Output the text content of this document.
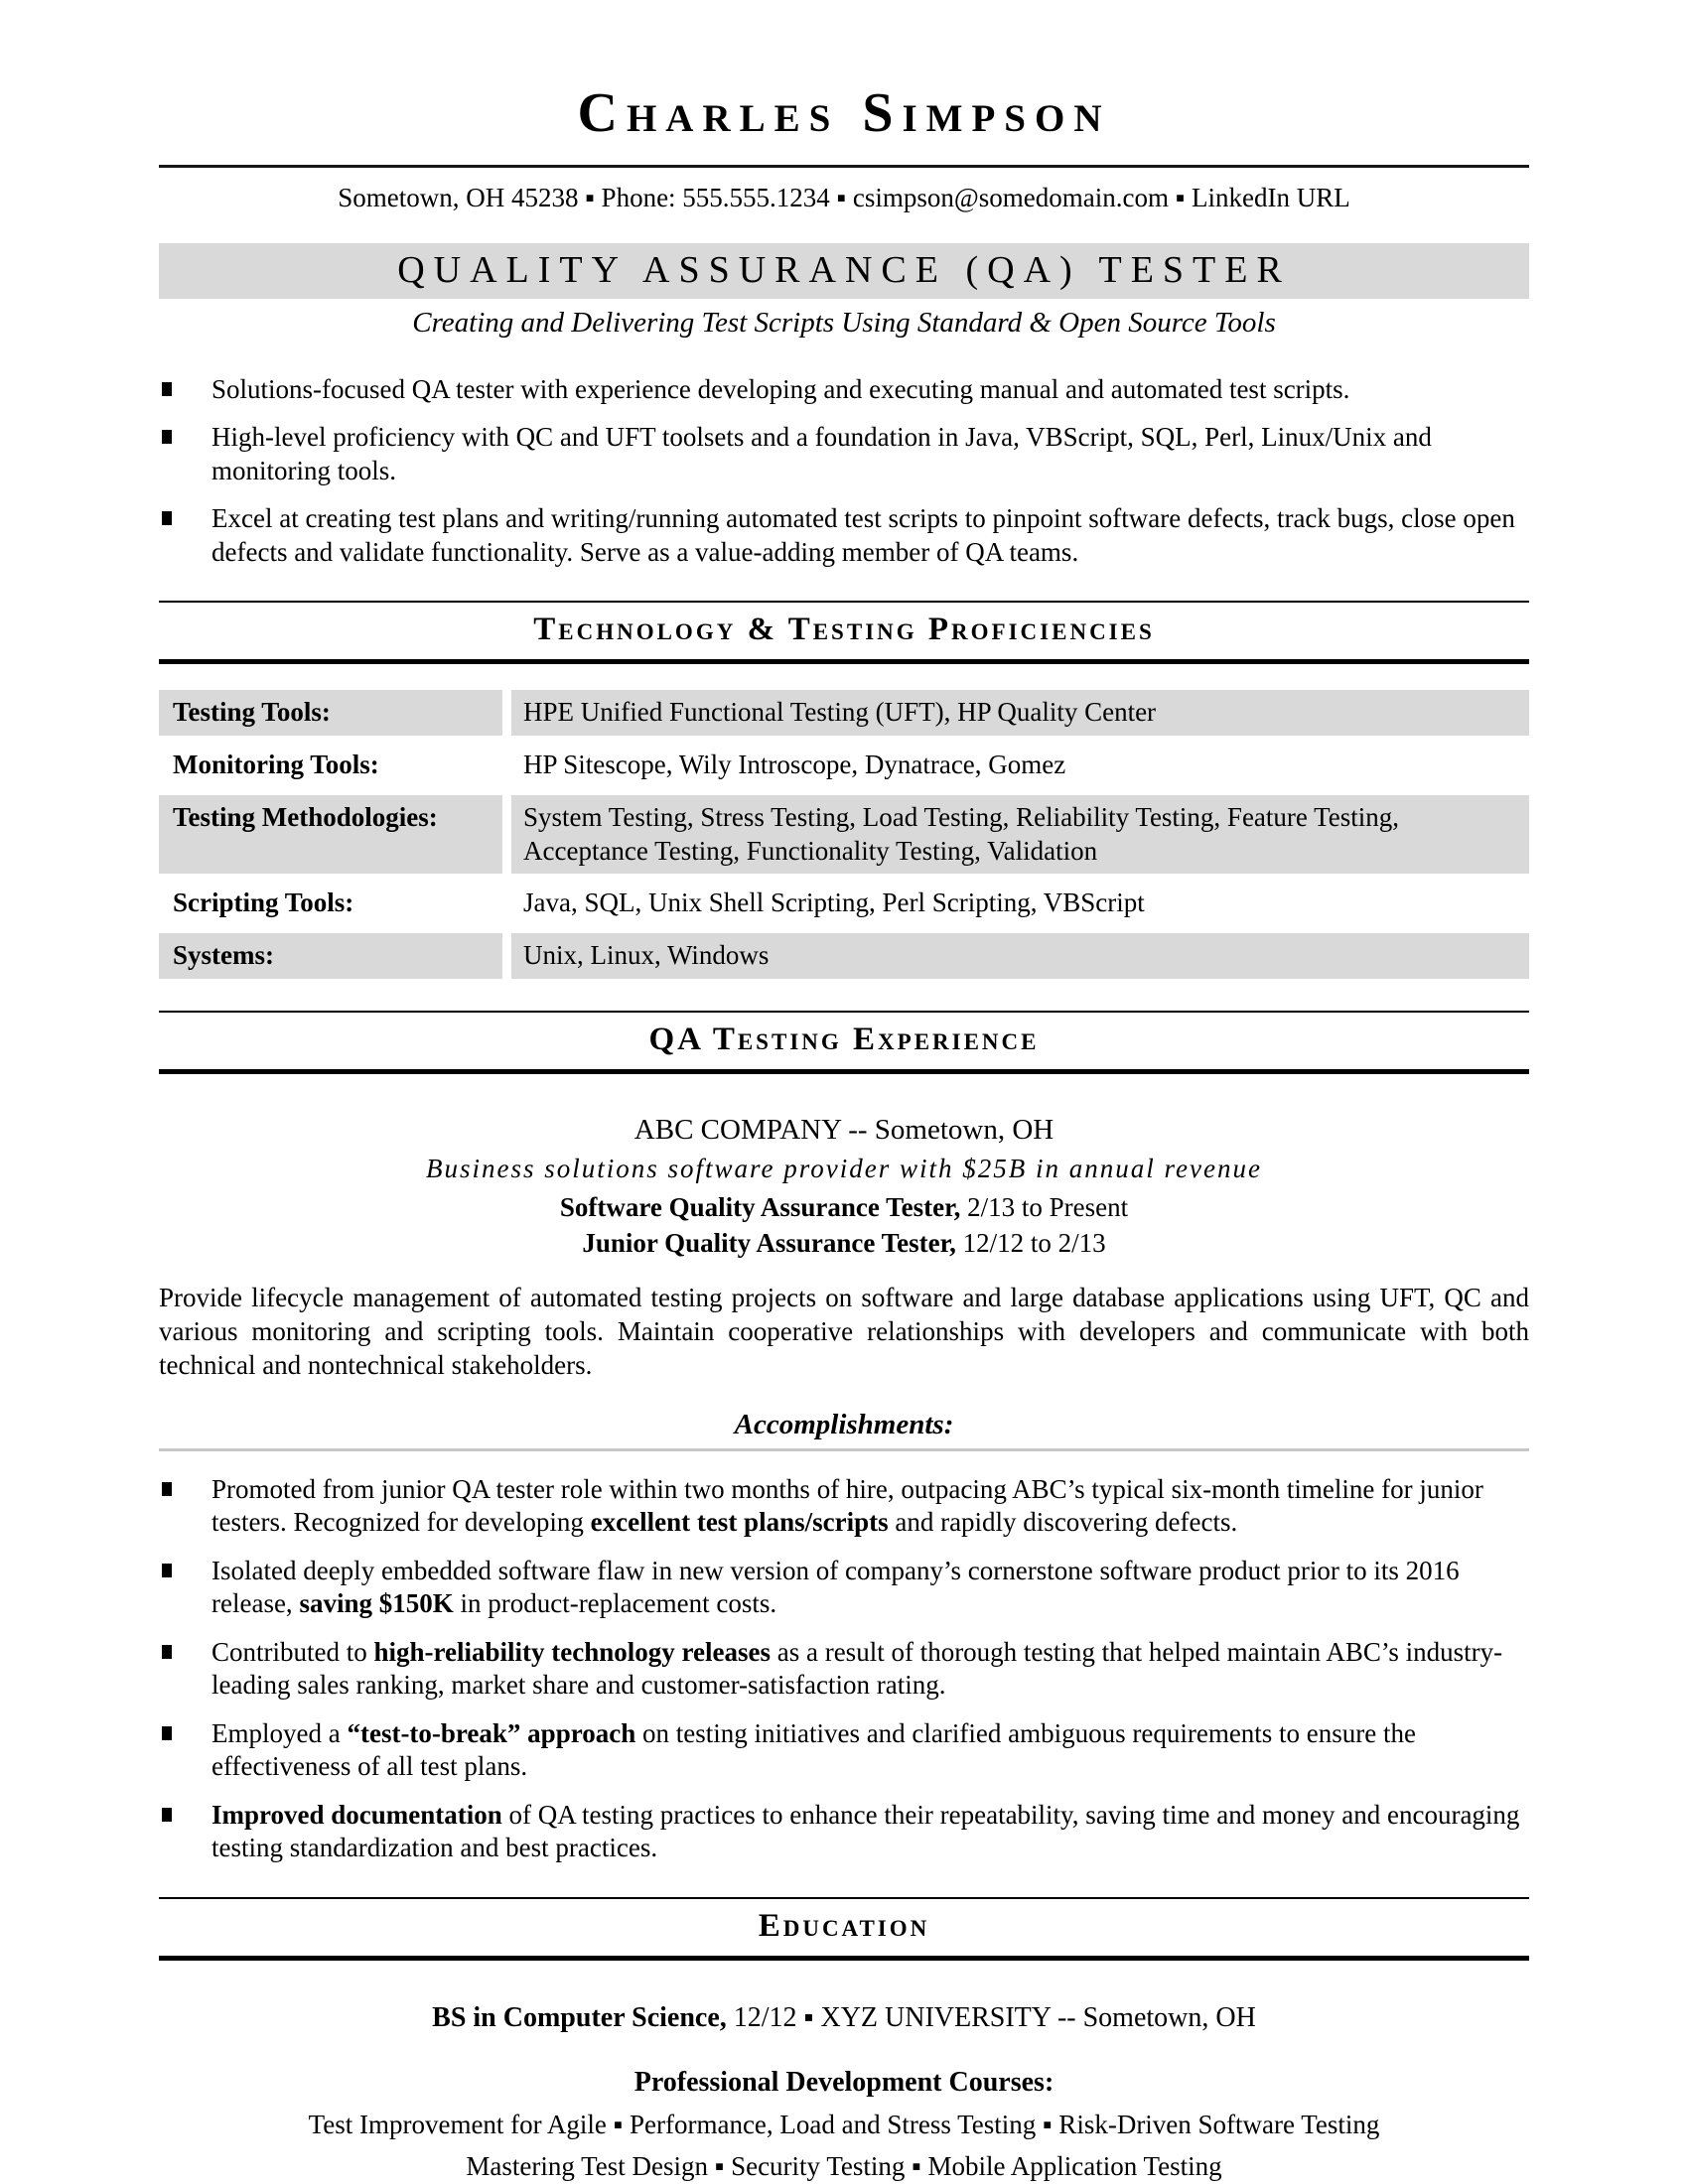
Charles Simpson
Sometown, OH 45238 ▪ Phone: 555.555.1234 ▪ csimpson@somedomain.com ▪ LinkedIn URL
QUALITY ASSURANCE (QA) TESTER
Creating and Delivering Test Scripts Using Standard & Open Source Tools
Solutions-focused QA tester with experience developing and executing manual and automated test scripts.
High-level proficiency with QC and UFT toolsets and a foundation in Java, VBScript, SQL, Perl, Linux/Unix and monitoring tools.
Excel at creating test plans and writing/running automated test scripts to pinpoint software defects, track bugs, close open defects and validate functionality. Serve as a value-adding member of QA teams.
Technology & Testing Proficiencies
Testing Tools:	HPE Unified Functional Testing (UFT), HP Quality Center
Monitoring Tools:	HP Sitescope, Wily Introscope, Dynatrace, Gomez
Testing Methodologies:	System Testing, Stress Testing, Load Testing, Reliability Testing, Feature Testing, Acceptance Testing, Functionality Testing, Validation
Scripting Tools:	Java, SQL, Unix Shell Scripting, Perl Scripting, VBScript
Systems:	Unix, Linux, Windows
QA Testing Experience
ABC COMPANY -- Sometown, OH
Business solutions software provider with $25B in annual revenue
Software Quality Assurance Tester, 2/13 to Present
Junior Quality Assurance Tester, 12/12 to 2/13

Provide lifecycle management of automated testing projects on software and large database applications using UFT, QC and various monitoring and scripting tools. Maintain cooperative relationships with developers and communicate with both technical and nontechnical stakeholders.

Accomplishments:
Promoted from junior QA tester role within two months of hire, outpacing ABC’s typical six-month timeline for junior testers. Recognized for developing excellent test plans/scripts and rapidly discovering defects.
Isolated deeply embedded software flaw in new version of company’s cornerstone software product prior to its 2016 release, saving $150K in product-replacement costs.
Contributed to high-reliability technology releases as a result of thorough testing that helped maintain ABC’s industry-leading sales ranking, market share and customer-satisfaction rating.
Employed a “test-to-break” approach on testing initiatives and clarified ambiguous requirements to ensure the effectiveness of all test plans.
Improved documentation of QA testing practices to enhance their repeatability, saving time and money and encouraging testing standardization and best practices.
Education
BS in Computer Science, 12/12 ▪ XYZ UNIVERSITY -- Sometown, OH
Professional Development Courses:
Test Improvement for Agile ▪ Performance, Load and Stress Testing ▪ Risk-Driven Software Testing
Mastering Test Design ▪ Security Testing ▪ Mobile Application Testing
